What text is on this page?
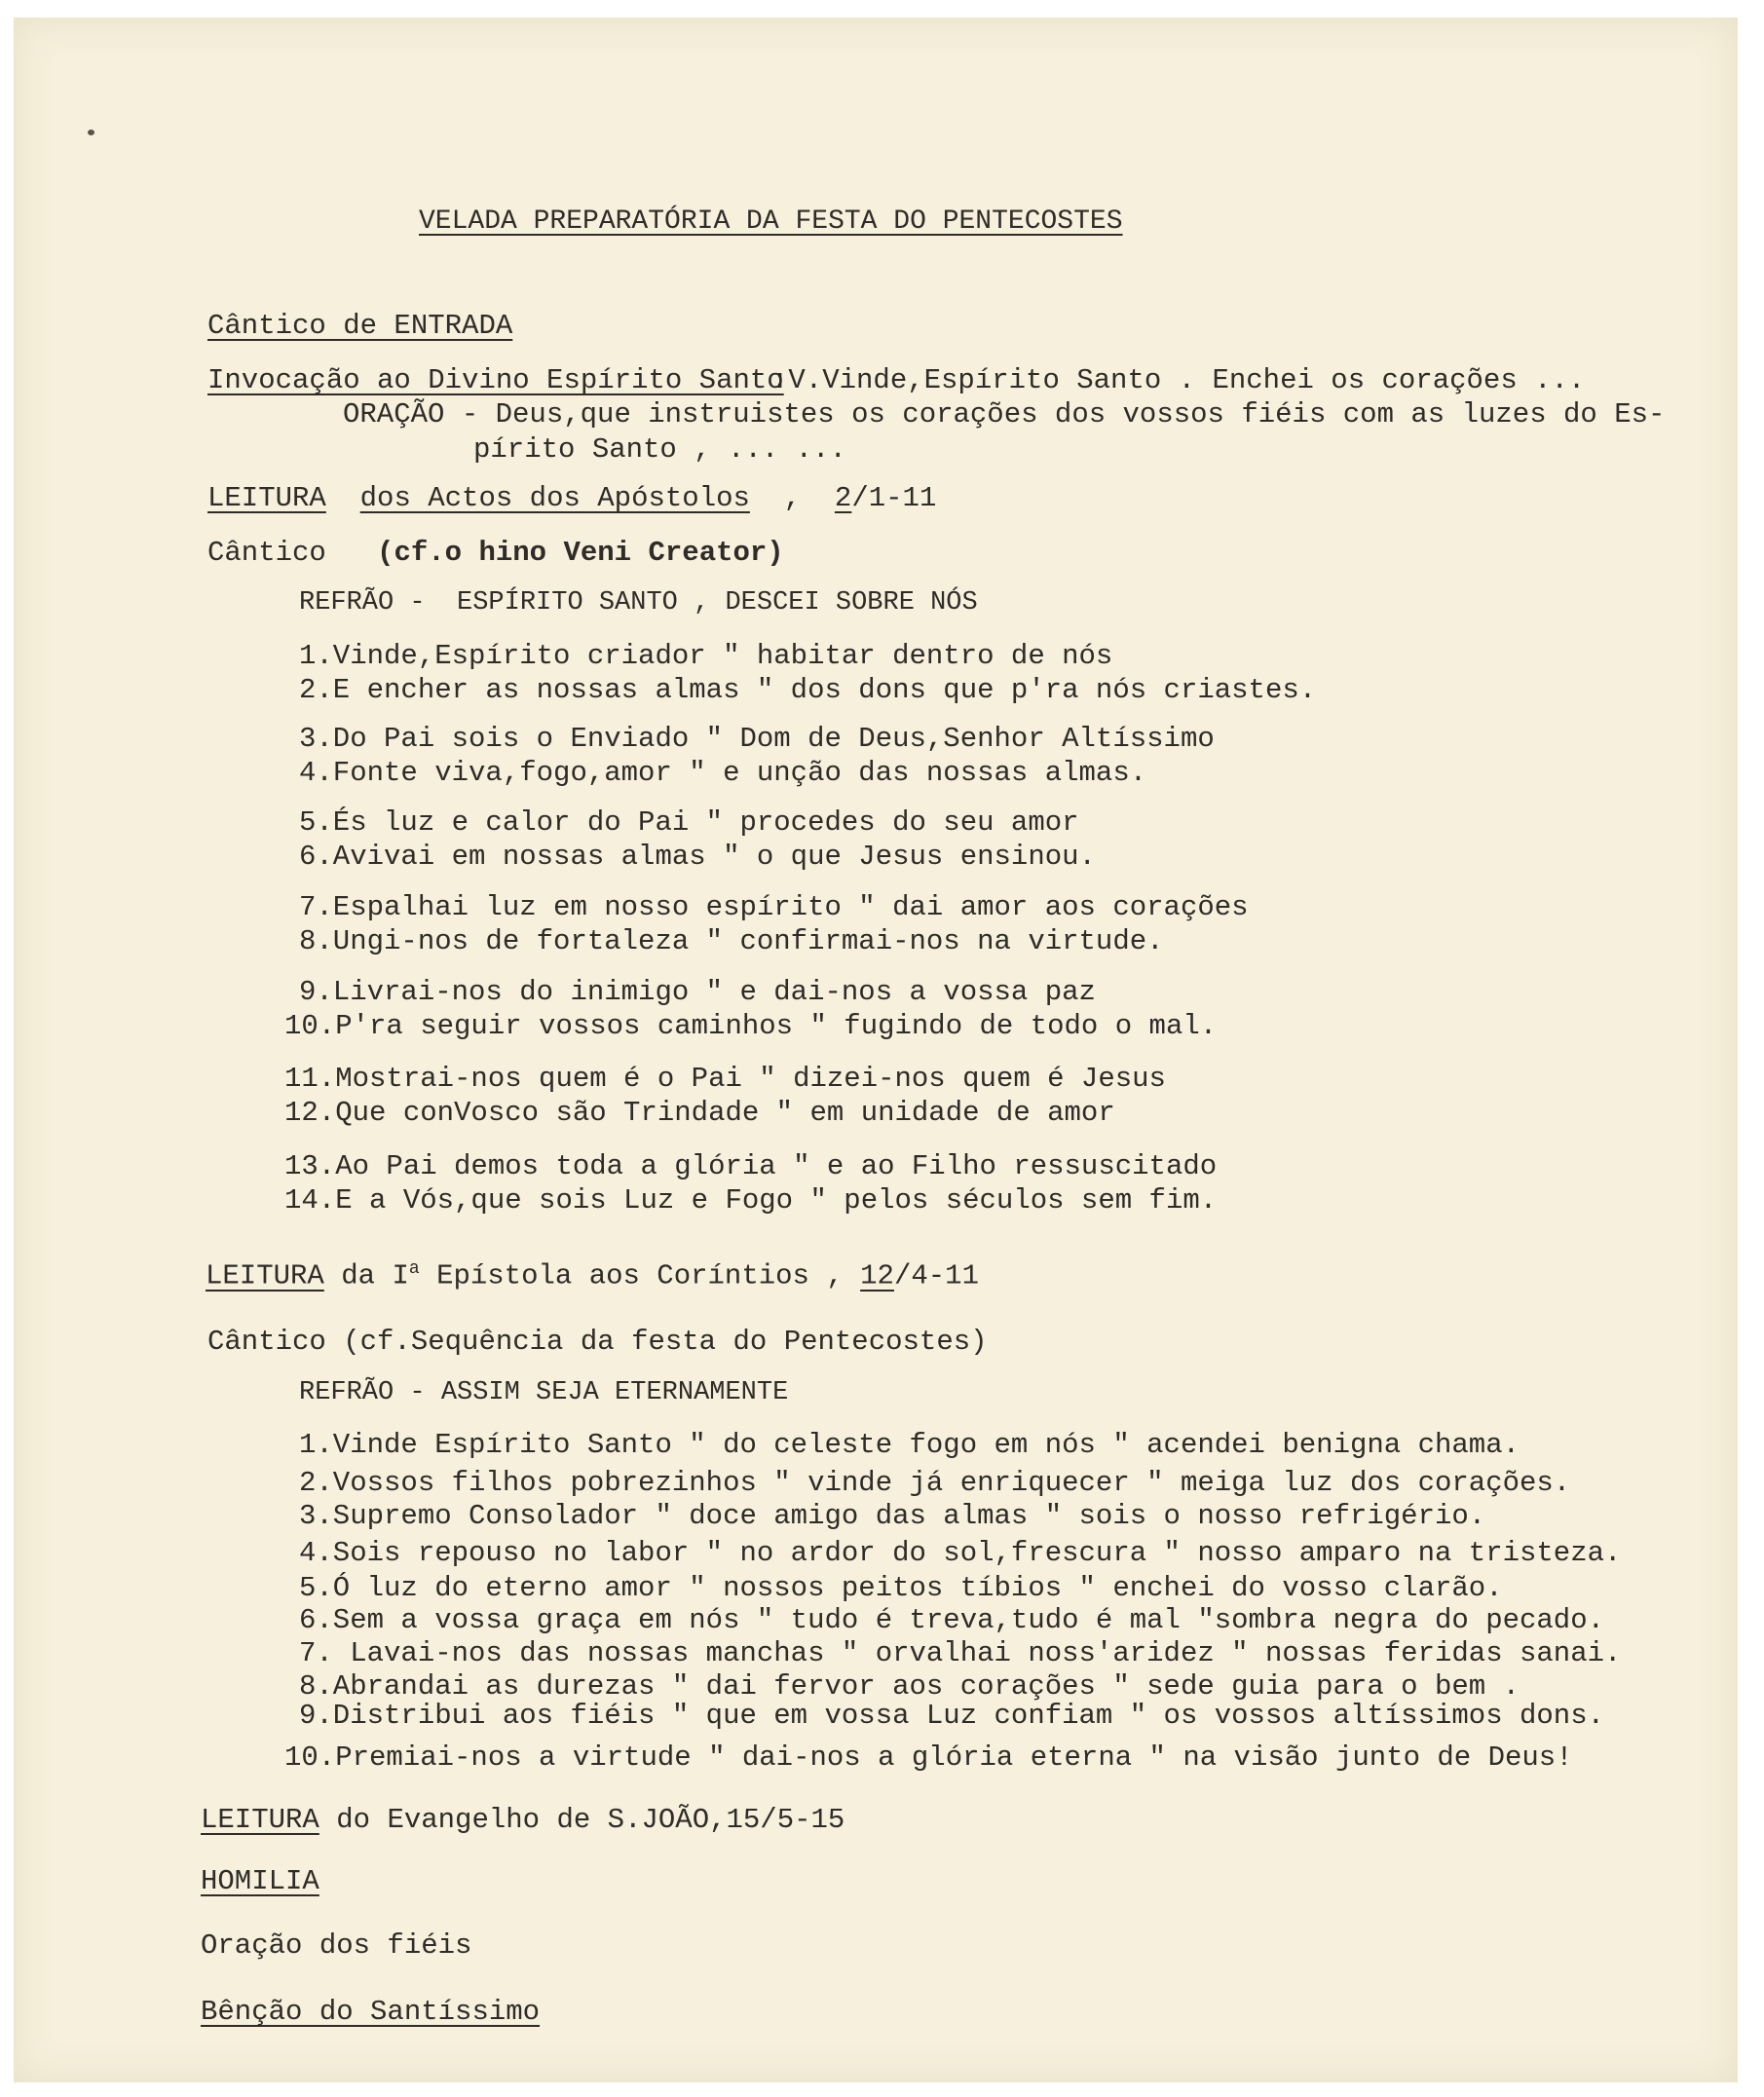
VELADA PREPARATÓRIA DA FESTA DO PENTECOSTES
Cântico de ENTRADA
Invocação ao Divino Espírito Santo
:V.Vinde,Espírito Santo . Enchei os corações ...
ORAÇÃO - Deus,que instruistes os corações dos vossos fiéis com as luzes do Es-
pírito Santo , ... ...
LEITURA dos Actos dos Apóstolos  ,  2/1-11
Cântico (cf.o hino Veni Creator)
REFRÃO -  ESPÍRITO SANTO , DESCEI SOBRE NÓS
1.Vinde,Espírito criador " habitar dentro de nós
2.E encher as nossas almas " dos dons que p'ra nós criastes.
3.Do Pai sois o Enviado " Dom de Deus,Senhor Altíssimo
4.Fonte viva,fogo,amor " e unção das nossas almas.
5.És luz e calor do Pai " procedes do seu amor
6.Avivai em nossas almas " o que Jesus ensinou.
7.Espalhai luz em nosso espírito " dai amor aos corações
8.Ungi-nos de fortaleza " confirmai-nos na virtude.
9.Livrai-nos do inimigo " e dai-nos a vossa paz
10.P'ra seguir vossos caminhos " fugindo de todo o mal.
11.Mostrai-nos quem é o Pai " dizei-nos quem é Jesus
12.Que conVosco são Trindade " em unidade de amor
13.Ao Pai demos toda a glória " e ao Filho ressuscitado
14.E a Vós,que sois Luz e Fogo " pelos séculos sem fim.
LEITURA da $I^a$ Epístola aos Coríntios , 12/4-11
Cântico (cf.Sequência da festa do Pentecostes)
REFRÃO - ASSIM SEJA ETERNAMENTE
1.Vinde Espírito Santo " do celeste fogo em nós " acendei benigna chama.
2.Vossos filhos pobrezinhos " vinde já enriquecer " meiga luz dos corações.
3.Supremo Consolador " doce amigo das almas " sois o nosso refrigério.
4.Sois repouso no labor " no ardor do sol,frescura " nosso amparo na tristeza.
5.Ó luz do eterno amor " nossos peitos tíbios " enchei do vosso clarão.
6.Sem a vossa graça em nós " tudo é treva,tudo é mal "sombra negra do pecado.
7. Lavai-nos das nossas manchas " orvalhai noss'aridez " nossas feridas sanai.
8.Abrandai as durezas " dai fervor aos corações " sede guia para o bem .
9.Distribui aos fiéis " que em vossa Luz confiam " os vossos altíssimos dons.
10.Premiai-nos a virtude " dai-nos a glória eterna " na visão junto de Deus!
LEITURA do Evangelho de S.JOÃO,15/5-15
HOMILIA
Oração dos fiéis
Bênção do Santíssimo
